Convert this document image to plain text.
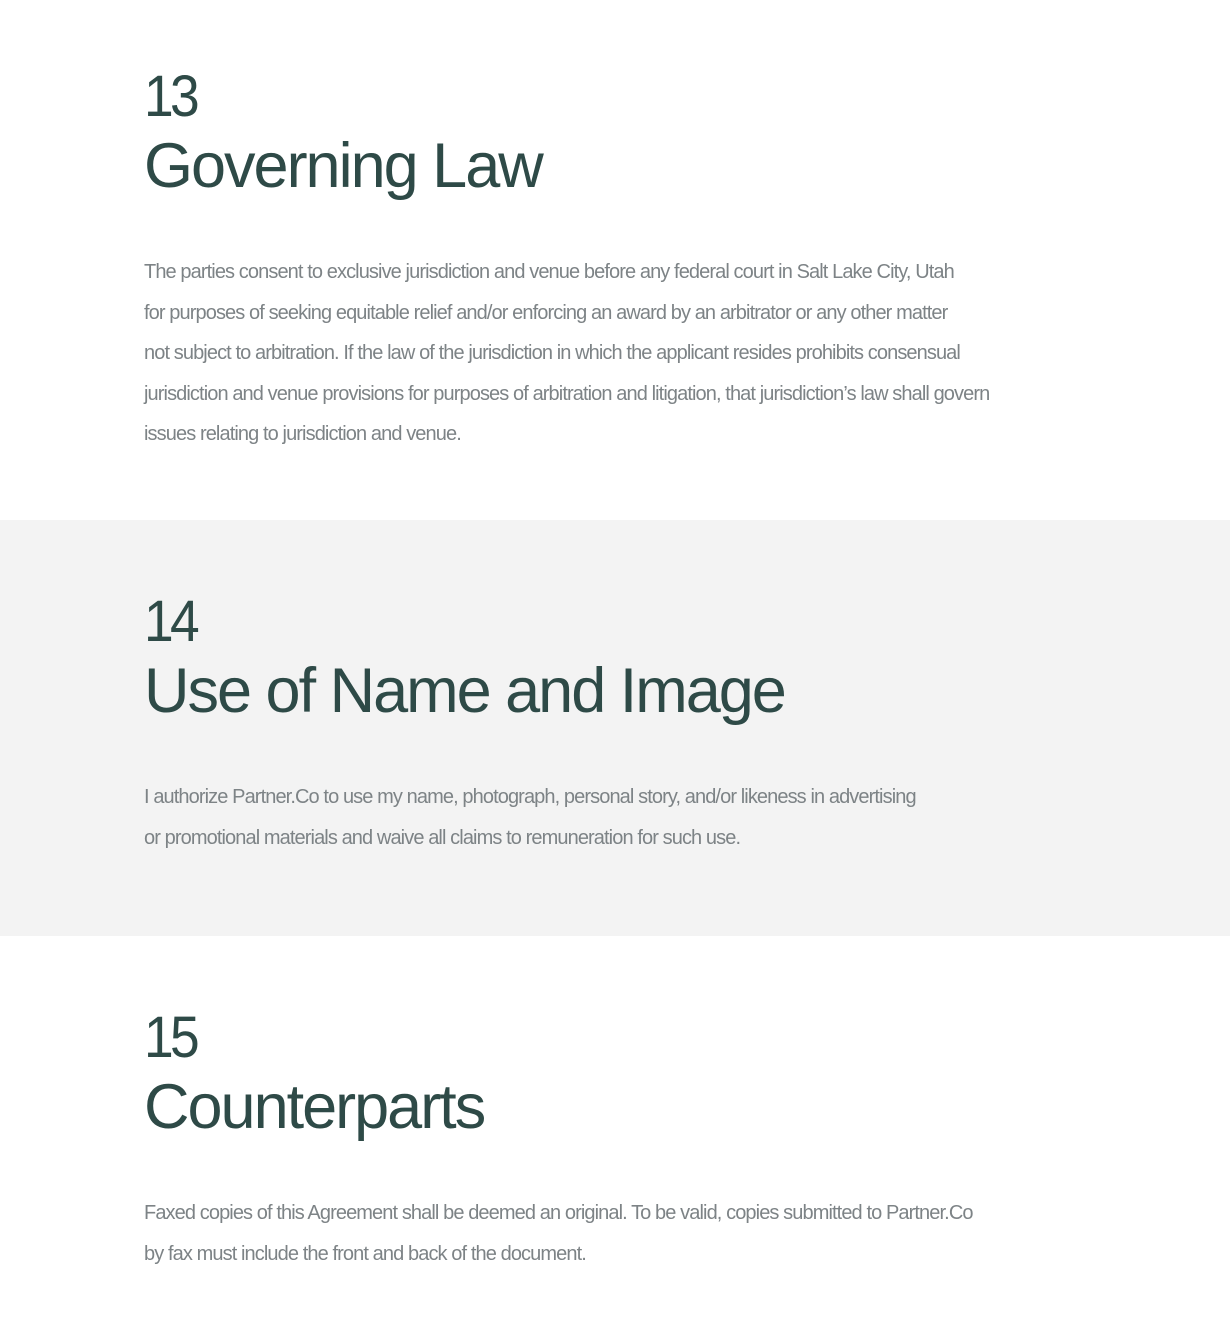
13
Governing Law

The parties consent to exclusive jurisdiction and venue before any federal court in Salt Lake City, Utah
for purposes of seeking equitable relief and/or enforcing an award by an arbitrator or any other matter
not subject to arbitration. If the law of the jurisdiction in which the applicant resides prohibits consensual
jurisdiction and venue provisions for purposes of arbitration and litigation, that jurisdiction’s law shall govern
issues relating to jurisdiction and venue.

14
Use of Name and Image

I authorize Partner.Co to use my name, photograph, personal story, and/or likeness in advertising
or promotional materials and waive all claims to remuneration for such use.

15
Counterparts

Faxed copies of this Agreement shall be deemed an original. To be valid, copies submitted to Partner.Co
by fax must include the front and back of the document.
